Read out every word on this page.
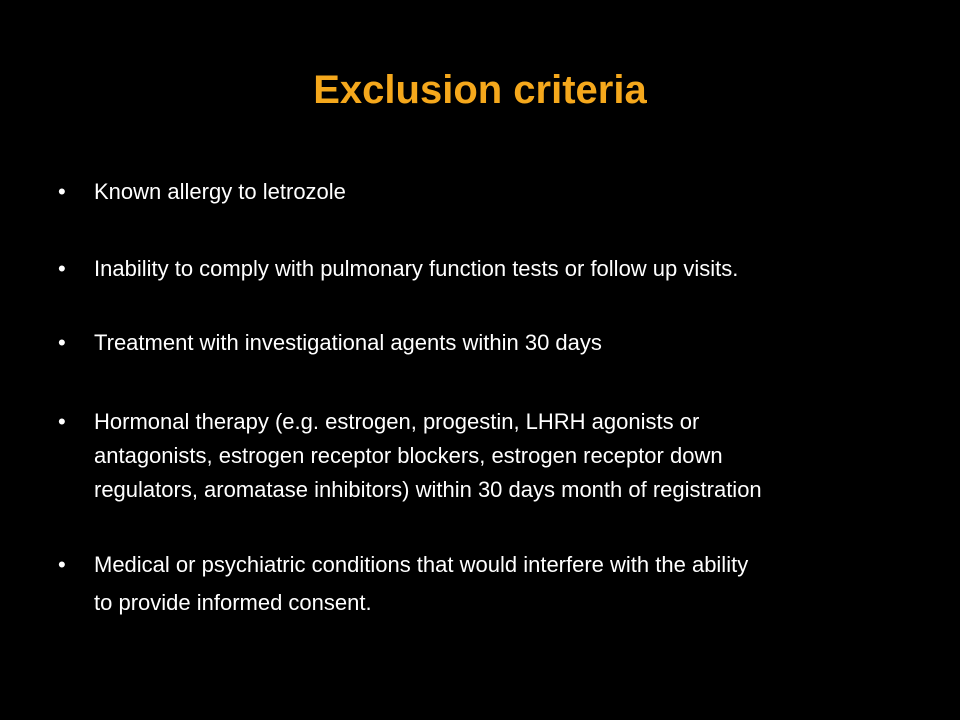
Exclusion criteria
•	Known allergy to letrozole
•	Inability to comply with pulmonary function tests or follow up visits.
•	Treatment with investigational agents within 30 days
•	Hormonal therapy (e.g. estrogen, progestin, LHRH agonists or
antagonists, estrogen receptor blockers, estrogen receptor down
regulators, aromatase inhibitors) within 30 days month of registration
•	Medical or psychiatric conditions that would interfere with the ability
to provide informed consent.
